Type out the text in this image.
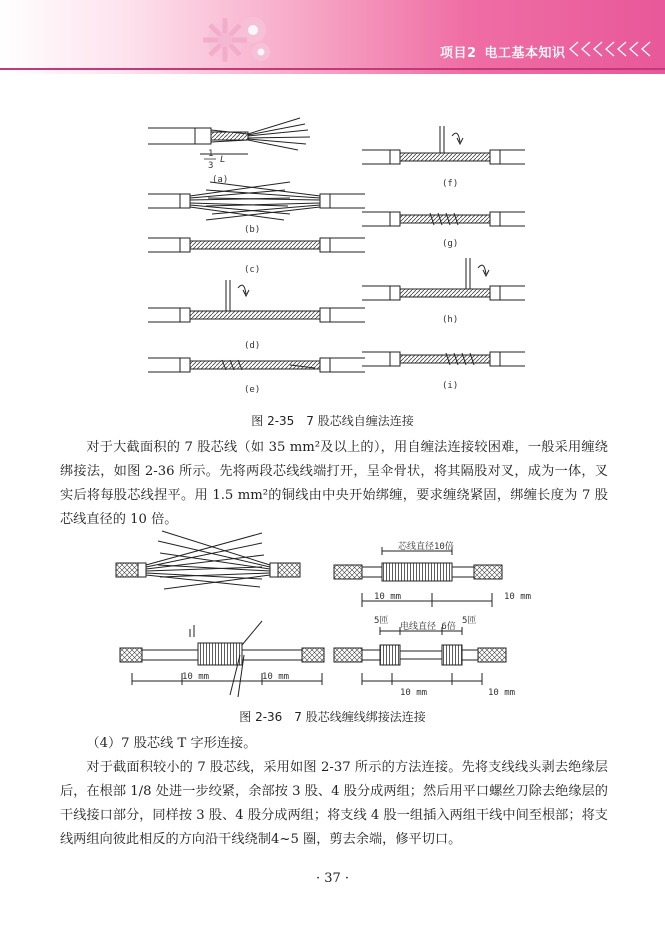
项目2 电工基本知识
1
3
L
(a)
(b)
(c)
(d)
(e)
(f)
(g)
(h)
(i)
图 2-35　7 股芯线自缠法连接

对于大截面积的 7 股芯线（如 35 mm²及以上的），用自缠法连接较困难，一般采用缠绕绑接法，如图 2-36 所示。先将两段芯线线端打开，呈伞骨状，将其隔股对叉，成为一体，叉实后将每股芯线捏平。用 1.5 mm²的铜线由中央开始绑缠，要求缠绕紧固，绑缠长度为 7 股芯线直径的 10 倍。

芯线直径10倍
10 mm	10 mm
5匝
电线直径 6倍
5匝
10 mm	10 mm
10 mm	10 mm
图 2-36　7 股芯线缠线绑接法连接

（4）7 股芯线 T 字形连接。

对于截面积较小的 7 股芯线，采用如图 2-37 所示的方法连接。先将支线线头剥去绝缘层后，在根部 1/8 处进一步绞紧，余部按 3 股、4 股分成两组；然后用平口螺丝刀除去绝缘层的干线接口部分，同样按 3 股、4 股分成两组；将支线 4 股一组插入两组干线中间至根部；将支线两组向彼此相反的方向沿干线绕制4~5 圈，剪去余端，修平切口。

· 37 ·
